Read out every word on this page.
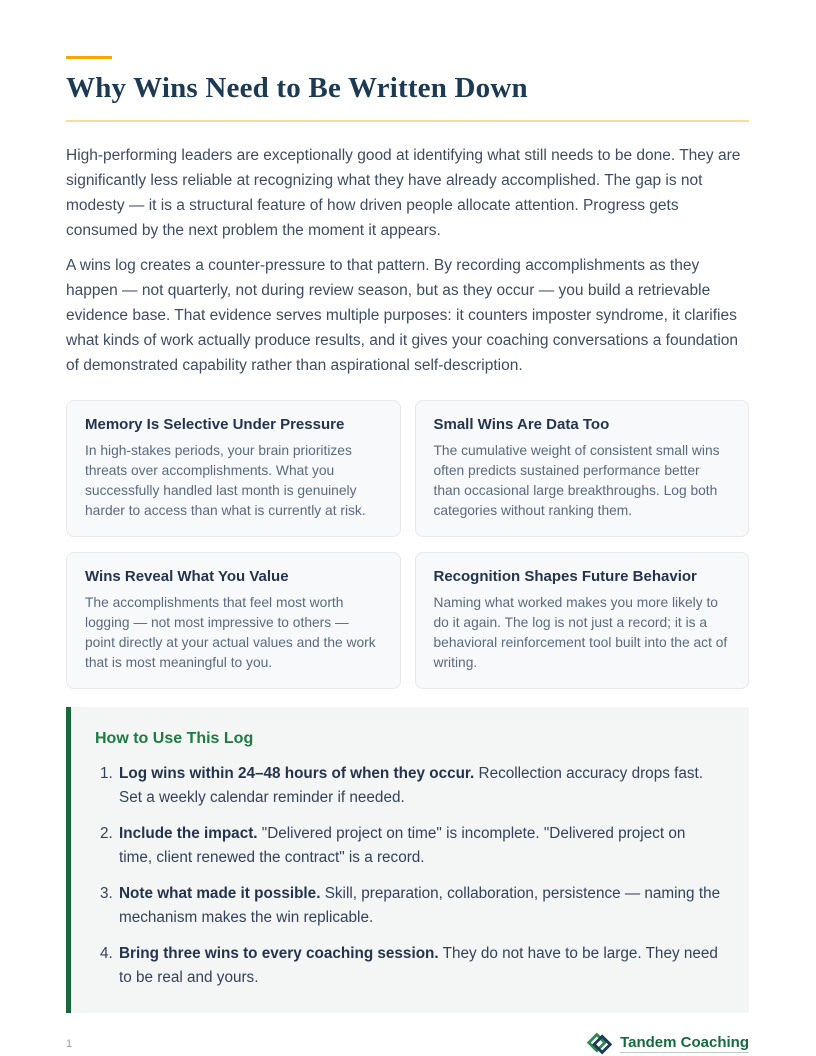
Why Wins Need to Be Written Down

High-performing leaders are exceptionally good at identifying what still needs to be done. They are significantly less reliable at recognizing what they have already accomplished. The gap is not modesty — it is a structural feature of how driven people allocate attention. Progress gets consumed by the next problem the moment it appears.

A wins log creates a counter-pressure to that pattern. By recording accomplishments as they happen — not quarterly, not during review season, but as they occur — you build a retrievable evidence base. That evidence serves multiple purposes: it counters imposter syndrome, it clarifies what kinds of work actually produce results, and it gives your coaching conversations a foundation of demonstrated capability rather than aspirational self-description.

Memory Is Selective Under Pressure

In high-stakes periods, your brain prioritizes threats over accomplishments. What you successfully handled last month is genuinely harder to access than what is currently at risk.

Small Wins Are Data Too

The cumulative weight of consistent small wins often predicts sustained performance better than occasional large breakthroughs. Log both categories without ranking them.

Wins Reveal What You Value

The accomplishments that feel most worth logging — not most impressive to others — point directly at your actual values and the work that is most meaningful to you.

Recognition Shapes Future Behavior

Naming what worked makes you more likely to do it again. The log is not just a record; it is a behavioral reinforcement tool built into the act of writing.

How to Use This Log
1. Log wins within 24–48 hours of when they occur. Recollection accuracy drops fast. Set a weekly calendar reminder if needed.
2. Include the impact. "Delivered project on time" is incomplete. "Delivered project on time, client renewed the contract" is a record.
3. Note what made it possible. Skill, preparation, collaboration, persistence — naming the mechanism makes the win replicable.
4. Bring three wins to every coaching session. They do not have to be large. They need to be real and yours.
1	Tandem Coaching
